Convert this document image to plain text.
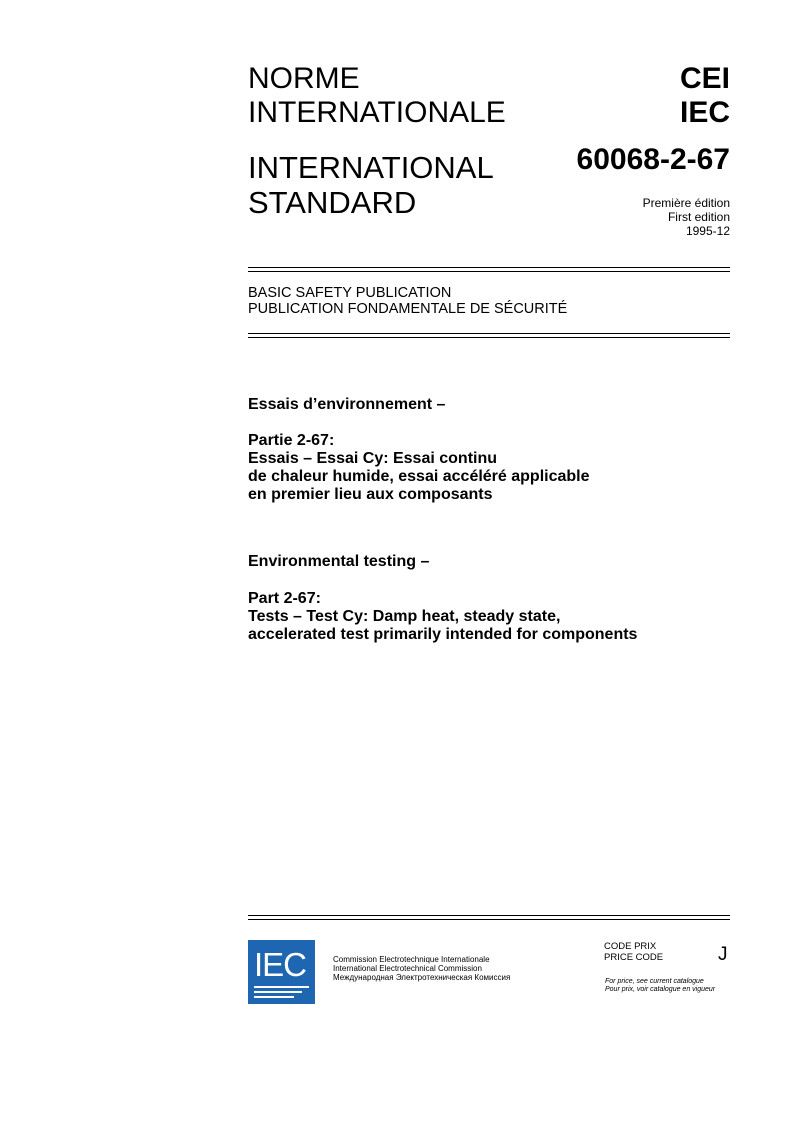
NORME
INTERNATIONALE
CEI
IEC
INTERNATIONAL
STANDARD
60068-2-67
Première édition
First edition
1995-12
BASIC SAFETY PUBLICATION
PUBLICATION FONDAMENTALE DE SÉCURITÉ
Essais d’environnement –
Partie 2-67:
Essais – Essai Cy: Essai continu
de chaleur humide, essai accéléré applicable
en premier lieu aux composants
Environmental testing –
Part 2-67:
Tests – Test Cy: Damp heat, steady state,
accelerated test primarily intended for components
IEC	Commission Electrotechnique Internationale
International Electrotechnical Commission
Международная Электротехническая Комиссия
CODE PRIX
PRICE CODE	J
For price, see current catalogue
Pour prix, voir catalogue en vigueur
